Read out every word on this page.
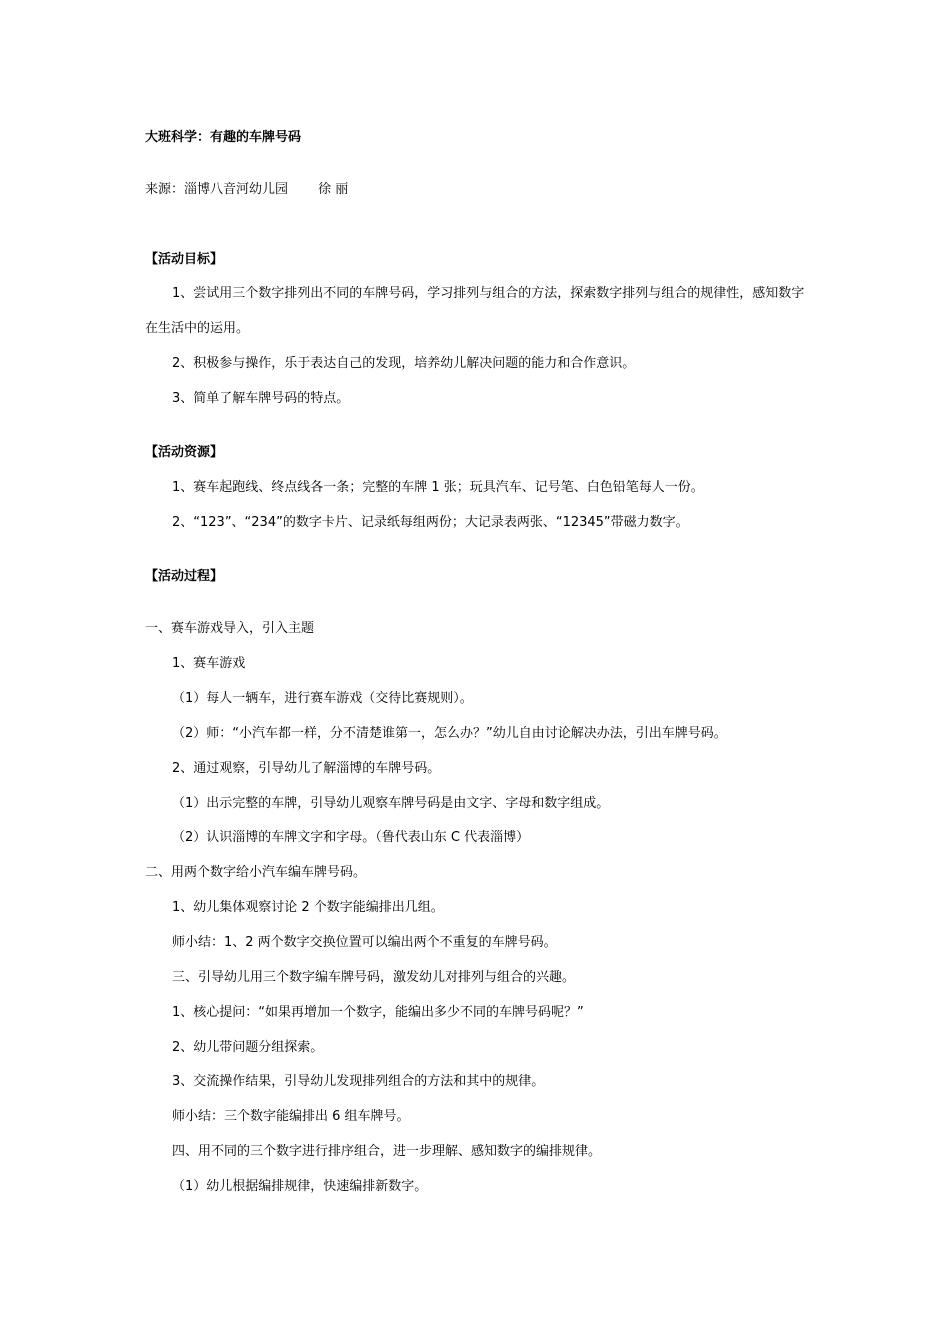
大班科学：有趣的车牌号码
来源：淄博八音河幼儿园　　 徐 丽
【活动目标】
1、尝试用三个数字排列出不同的车牌号码，学习排列与组合的方法，探索数字排列与组合的规律性，感知数字在生活中的运用。
2、积极参与操作，乐于表达自己的发现，培养幼儿解决问题的能力和合作意识。
3、简单了解车牌号码的特点。
【活动资源】
1、赛车起跑线、终点线各一条；完整的车牌 1 张；玩具汽车、记号笔、白色铅笔每人一份。
2、“123”、“234”的数字卡片、记录纸每组两份；大记录表两张、“12345”带磁力数字。
【活动过程】
一、赛车游戏导入，引入主题
1、赛车游戏
（1）每人一辆车，进行赛车游戏（交待比赛规则）。
（2）师：“小汽车都一样，分不清楚谁第一，怎么办？”幼儿自由讨论解决办法，引出车牌号码。
2、通过观察，引导幼儿了解淄博的车牌号码。
（1）出示完整的车牌，引导幼儿观察车牌号码是由文字、字母和数字组成。
（2）认识淄博的车牌文字和字母。（鲁代表山东 C 代表淄博）
二、用两个数字给小汽车编车牌号码。
1、幼儿集体观察讨论 2 个数字能编排出几组。
师小结：1、2 两个数字交换位置可以编出两个不重复的车牌号码。
三、引导幼儿用三个数字编车牌号码，激发幼儿对排列与组合的兴趣。
1、核心提问：“如果再增加一个数字，能编出多少不同的车牌号码呢？”
2、幼儿带问题分组探索。
3、交流操作结果，引导幼儿发现排列组合的方法和其中的规律。
师小结：三个数字能编排出 6 组车牌号。
四、用不同的三个数字进行排序组合，进一步理解、感知数字的编排规律。
（1）幼儿根据编排规律，快速编排新数字。
